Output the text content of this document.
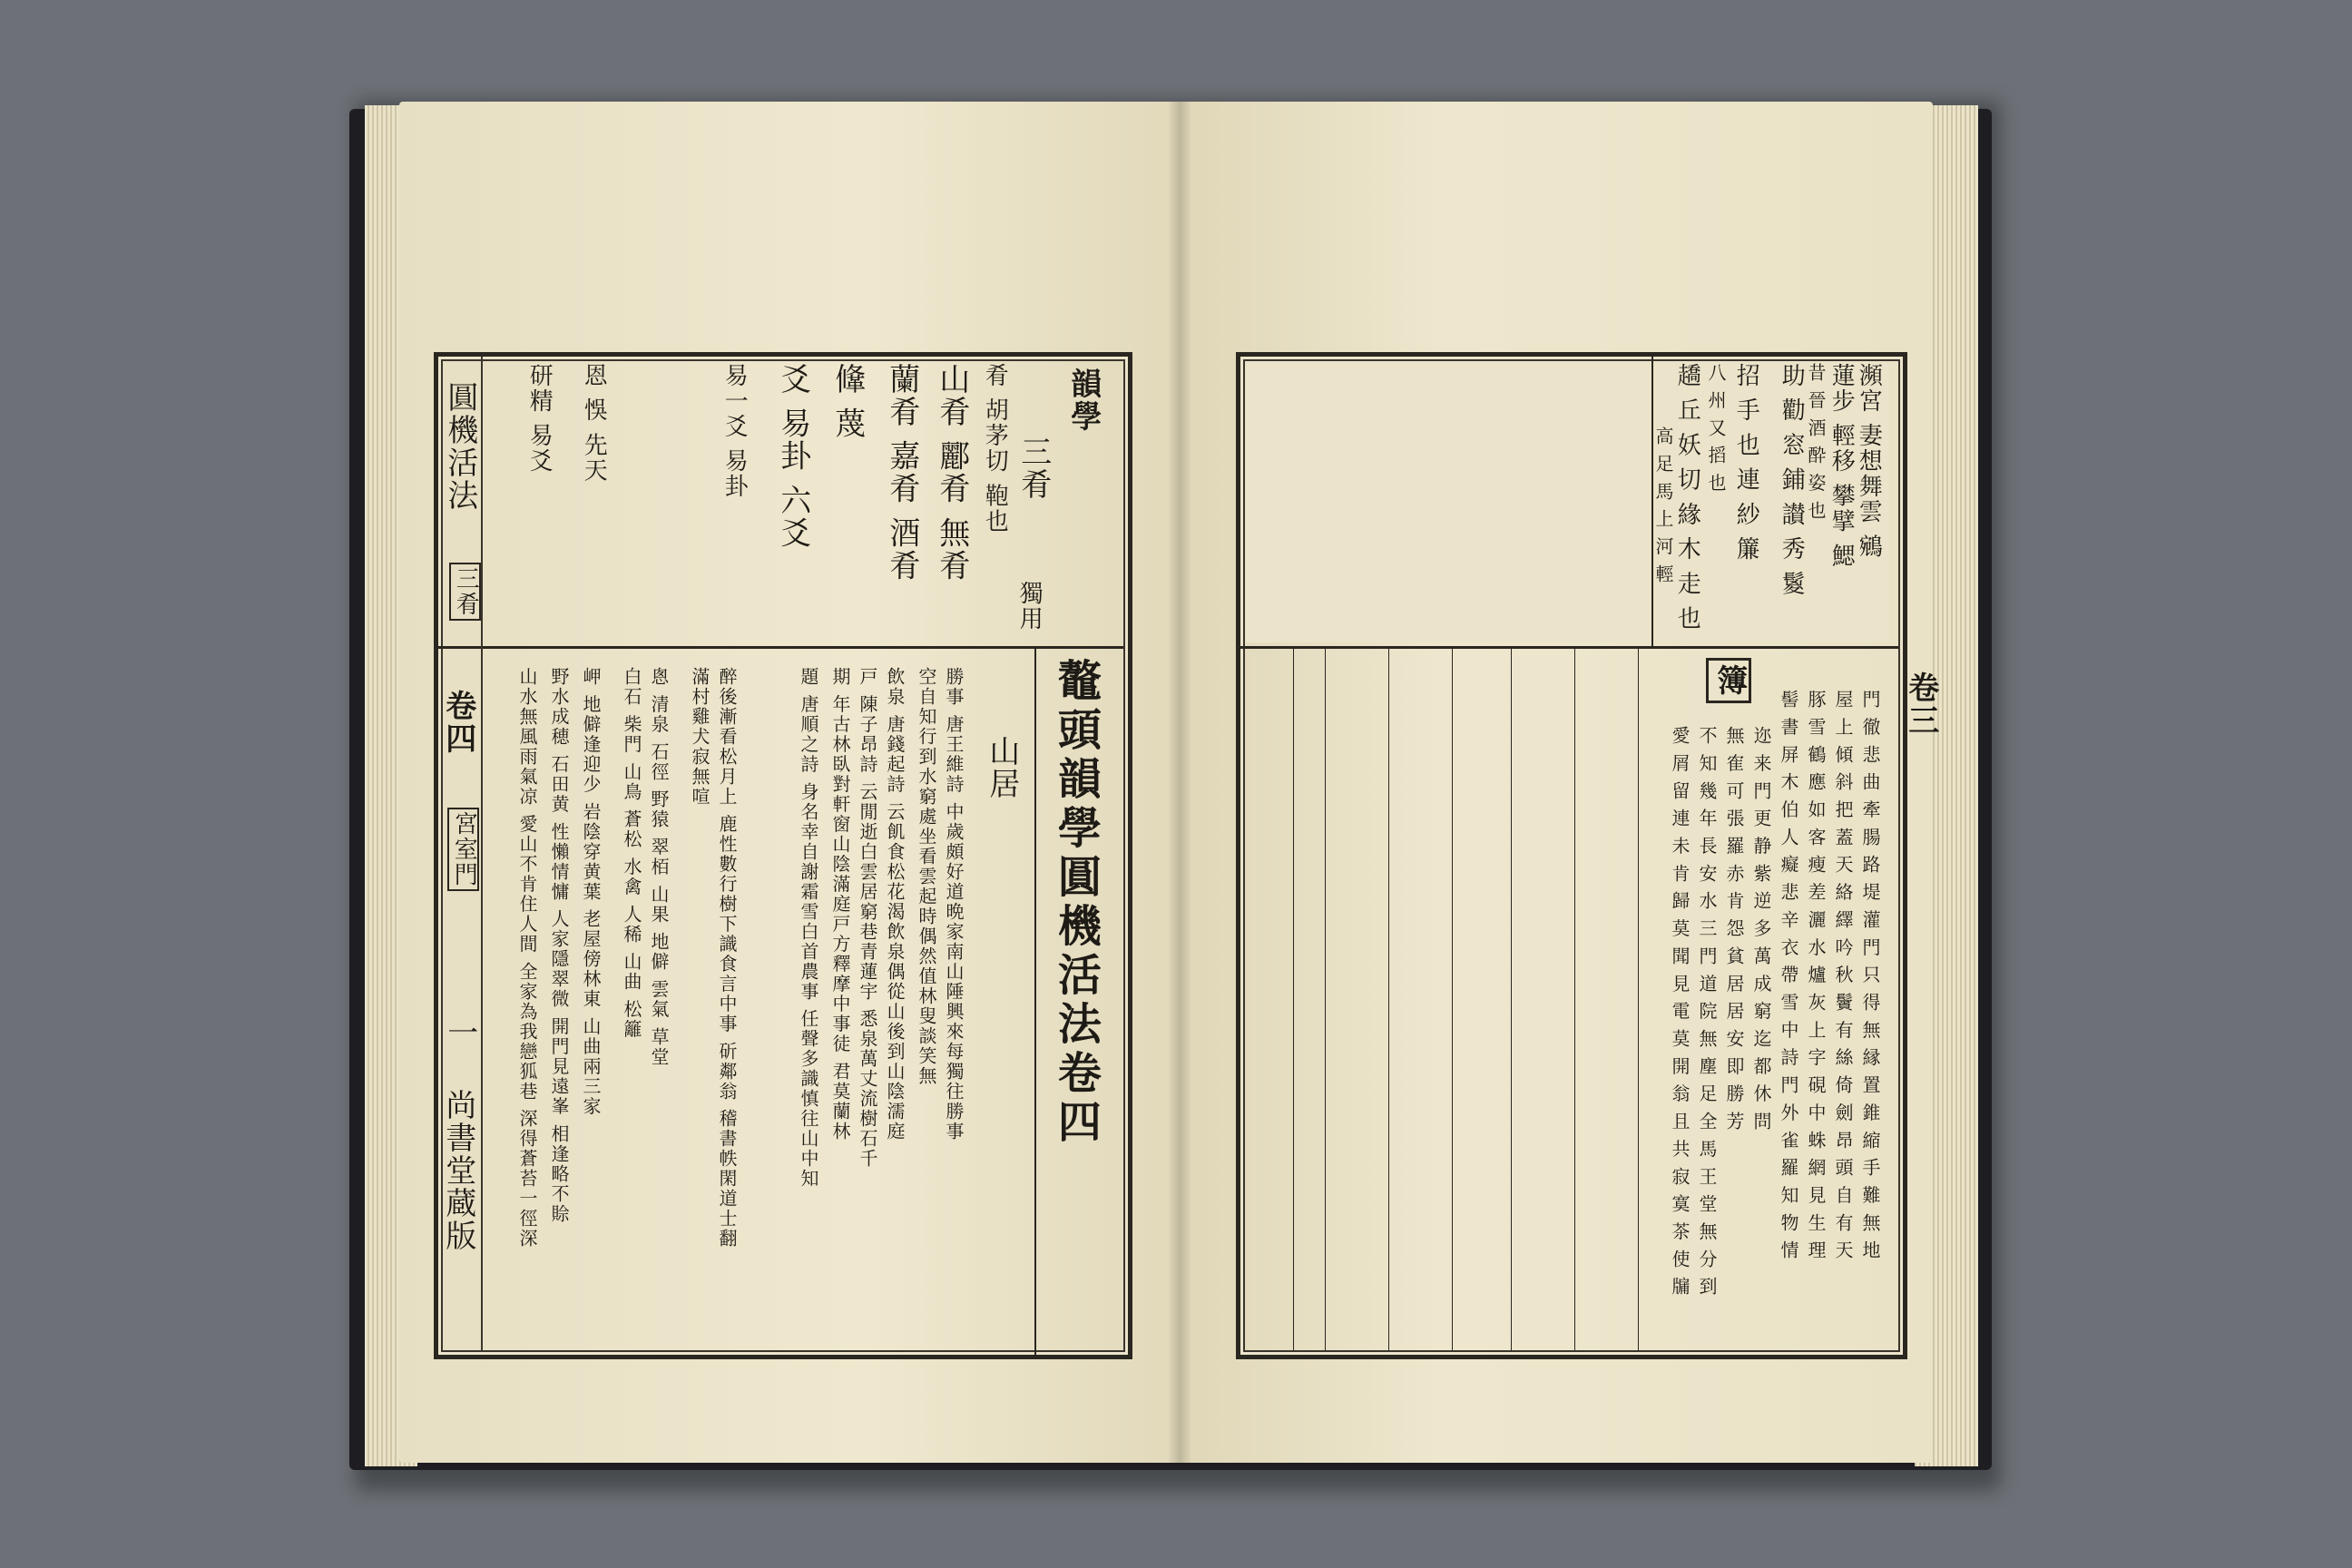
圓機活法
三肴
卷四
宮室門
一
尚書堂蔵版
韻學
三肴
獨用
肴 胡茅切 鞄也
山肴 酈肴 無肴
蘭肴 嘉肴 酒肴
鞗 蔑
爻 易卦 六爻
易一爻 易卦
恩 悞 先天
研精 易爻
鼇頭韻學圓機活法卷四
山居
勝事 唐王維詩 中歲頗好道晩家南山陲興來每獨往勝事
空自知行到水窮處坐看雲起時偶然值林叟談笑無
飲泉 唐錢起詩 云飢食松花渴飲泉偶從山後到山陰濡庭
戸 陳子昂詩 云閒逝白雲居窮巷青蓮宇 悉泉萬丈流樹石千
期 年古林臥對軒窗山陰滿庭戸方釋摩中事徒 君莫蘭林
題 唐順之詩 身名幸自謝霜雪白首農事 任聲多識慎往山中知
醉後漸看松月上 鹿性數行樹下識食言中事 斫鄰翁 稽書帙閑道士翻
滿村雞犬寂無喧
悤 清泉 石徑 野猿 翠栢 山果 地僻 雲氣 草堂
白石 柴門 山鳥 蒼松 水禽 人稀 山曲 松籬
岬 地僻逢迎少 岩陰穿黄葉 老屋傍林東 山曲兩三家
野水成穂 石田黄 性懶情慵 人家隱翠微 開門見遠峯 相逢略不賒
山水無風雨氣凉 愛山不肯住人間 全家為我戀狐巷 深得蒼苔一徑深
瀕宮 妻想舞雲 鵷
蓮步 輕移 攀擘 鰓
昔 晉 酒 酔 姿 也
助 勸 窓 鋪 讃 秀 鬉
招 手 也 連 紗 簾
八 州 又 搯 也
趫 丘 妖 切 緣 木 走 也
高 足 馬 上 河 輕
簿
門 徹 悲 曲 牽 腸 路 堤 灌 門 只 得 無 縁 置 錐 縮 手 難 無 地
屋 上 傾 斜 把 蓋 天 絡 繹 吟 秋 鬢 有 絲 倚 劍 昂 頭 自 有 天
豚 雪 鶴 應 如 客 瘦 差 灑 水 爐 灰 上 字 硯 中 蛛 網 見 生 理
髻 書 屏 木 伯 人 癡 悲 辛 衣 帶 雪 中 詩 門 外 雀 羅 知 物 情
迩 来 門 更 静 紫 逆 多 萬 成 窮 迄 都 休 問
無 隺 可 張 羅 赤 肯 怨 貧 居 居 安 即 勝 芳
不 知 幾 年 長 安 水 三 門 道 院 無 塵 足 全 馬 王 堂 無 分 到
愛 屑 留 連 未 肯 歸 莫 聞 見 電 莫 開 翁 且 共 寂 寞 茶 使 牖
卷三
